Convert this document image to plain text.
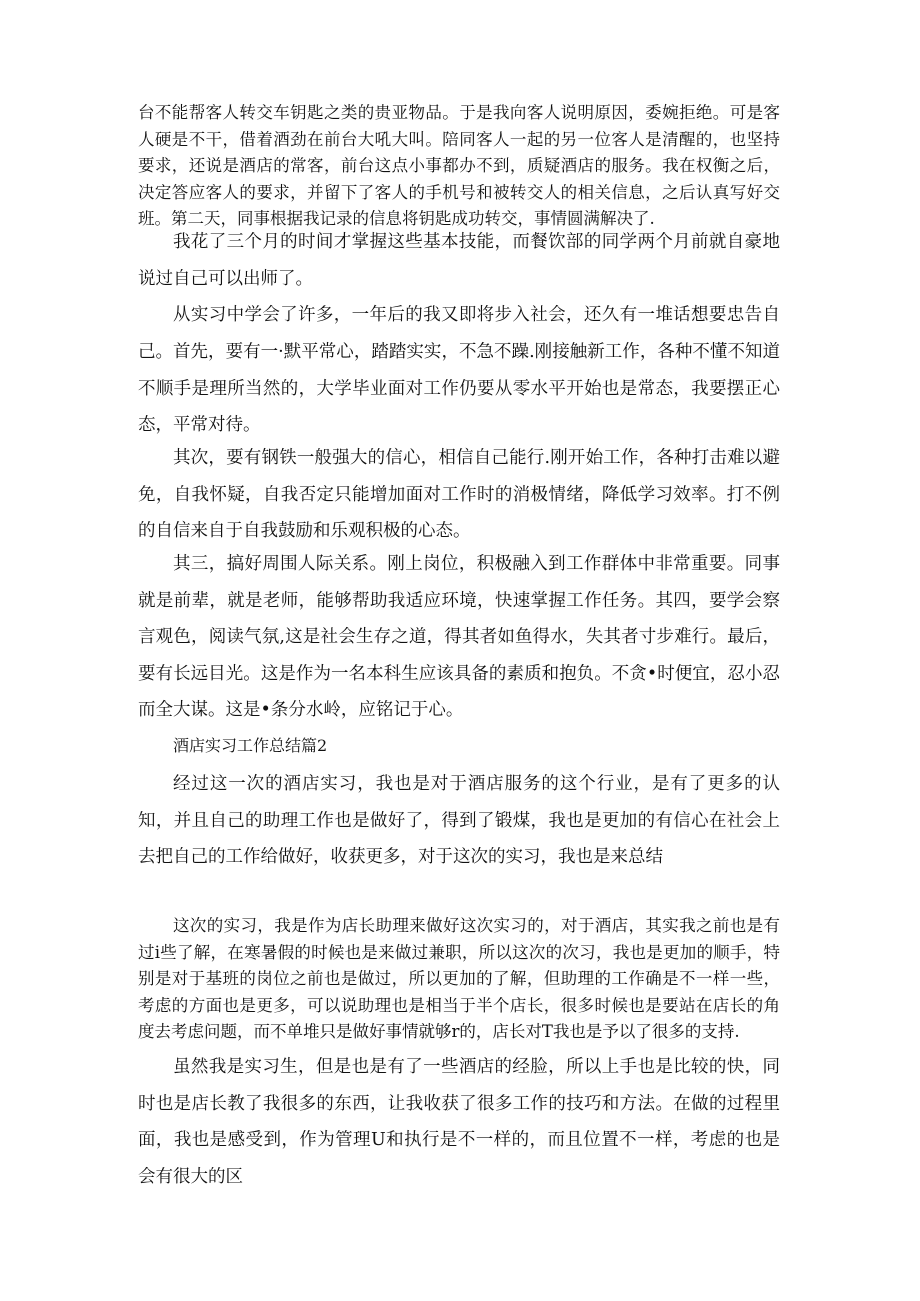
台不能帮客人转交车钥匙之类的贵亚物品。于是我向客人说明原因，委婉拒绝。可是客人硬是不干，借着酒劲在前台大吼大叫。陪同客人一起的另一位客人是清醒的，也坚持要求，还说是酒店的常客，前台这点小事都办不到，质疑酒店的服务。我在权衡之后，决定答应客人的要求，并留下了客人的手机号和被转交人的相关信息，之后认真写好交班。第二天，同事根据我记录的信息将钥匙成功转交，事情圆满解决了.

我花了三个月的时间才掌握这些基本技能，而餐饮部的同学两个月前就自豪地说过自己可以出师了。

从实习中学会了许多，一年后的我又即将步入社会，还久有一堆话想要忠告自己。 首先，要有一·默平常心，踏踏实实，不急不躁.刚接触新工作，各种不懂不知道不顺手是理所当然的，大学毕业面对工作仍要从零水平开始也是常态，我要摆正心态，平常对待。

其次，要有钢铁一般强大的信心，相信自己能行.刚开始工作，各种打击难以避免，自我怀疑，自我否定只能增加面对工作时的消极情绪，降低学习效率。打不例的自信来自于自我鼓励和乐观积极的心态。

其三，搞好周围人际关系。刚上岗位，积极融入到工作群体中非常重要。同事就是前辈，就是老师，能够帮助我适应环境，快速掌握工作任务。其四，要学会察言观色，阅读气氛,这是社会生存之道，得其者如鱼得水，失其者寸步难行。最后，要有长远目光。这是作为一名本科生应该具备的素质和抱负。不贪•时便宜，忍小忍而全大谋。这是•条分水岭，应铭记于心。

酒店实习工作总结篇2

经过这一次的酒店实习，我也是对于酒店服务的这个行业，是有了更多的认知，并且自己的助理工作也是做好了，得到了锻煤，我也是更加的有信心在社会上去把自己的工作给做好，收获更多，对于这次的实习，我也是来总结

这次的实习，我是作为店长助理来做好这次实习的，对于酒店，其实我之前也是有过i些了解，在寒暑假的时候也是来做过兼职，所以这次的次习，我也是更加的顺手，特别是对于基班的岗位之前也是做过，所以更加的了解，但助理的工作确是不一样一些，考虑的方面也是更多，可以说助理也是相当于半个店长，很多时候也是要站在店长的角度去考虑问题，而不单堆只是做好事情就够r的，店长对T我也是予以了很多的支持.

虽然我是实习生，但是也是有了一些酒店的经脸，所以上手也是比较的快，同时也是店长教了我很多的东西，让我收获了很多工作的技巧和方法。在做的过程里面，我也是感受到，作为管理U和执行是不一样的，而且位置不一样，考虑的也是会有很大的区
